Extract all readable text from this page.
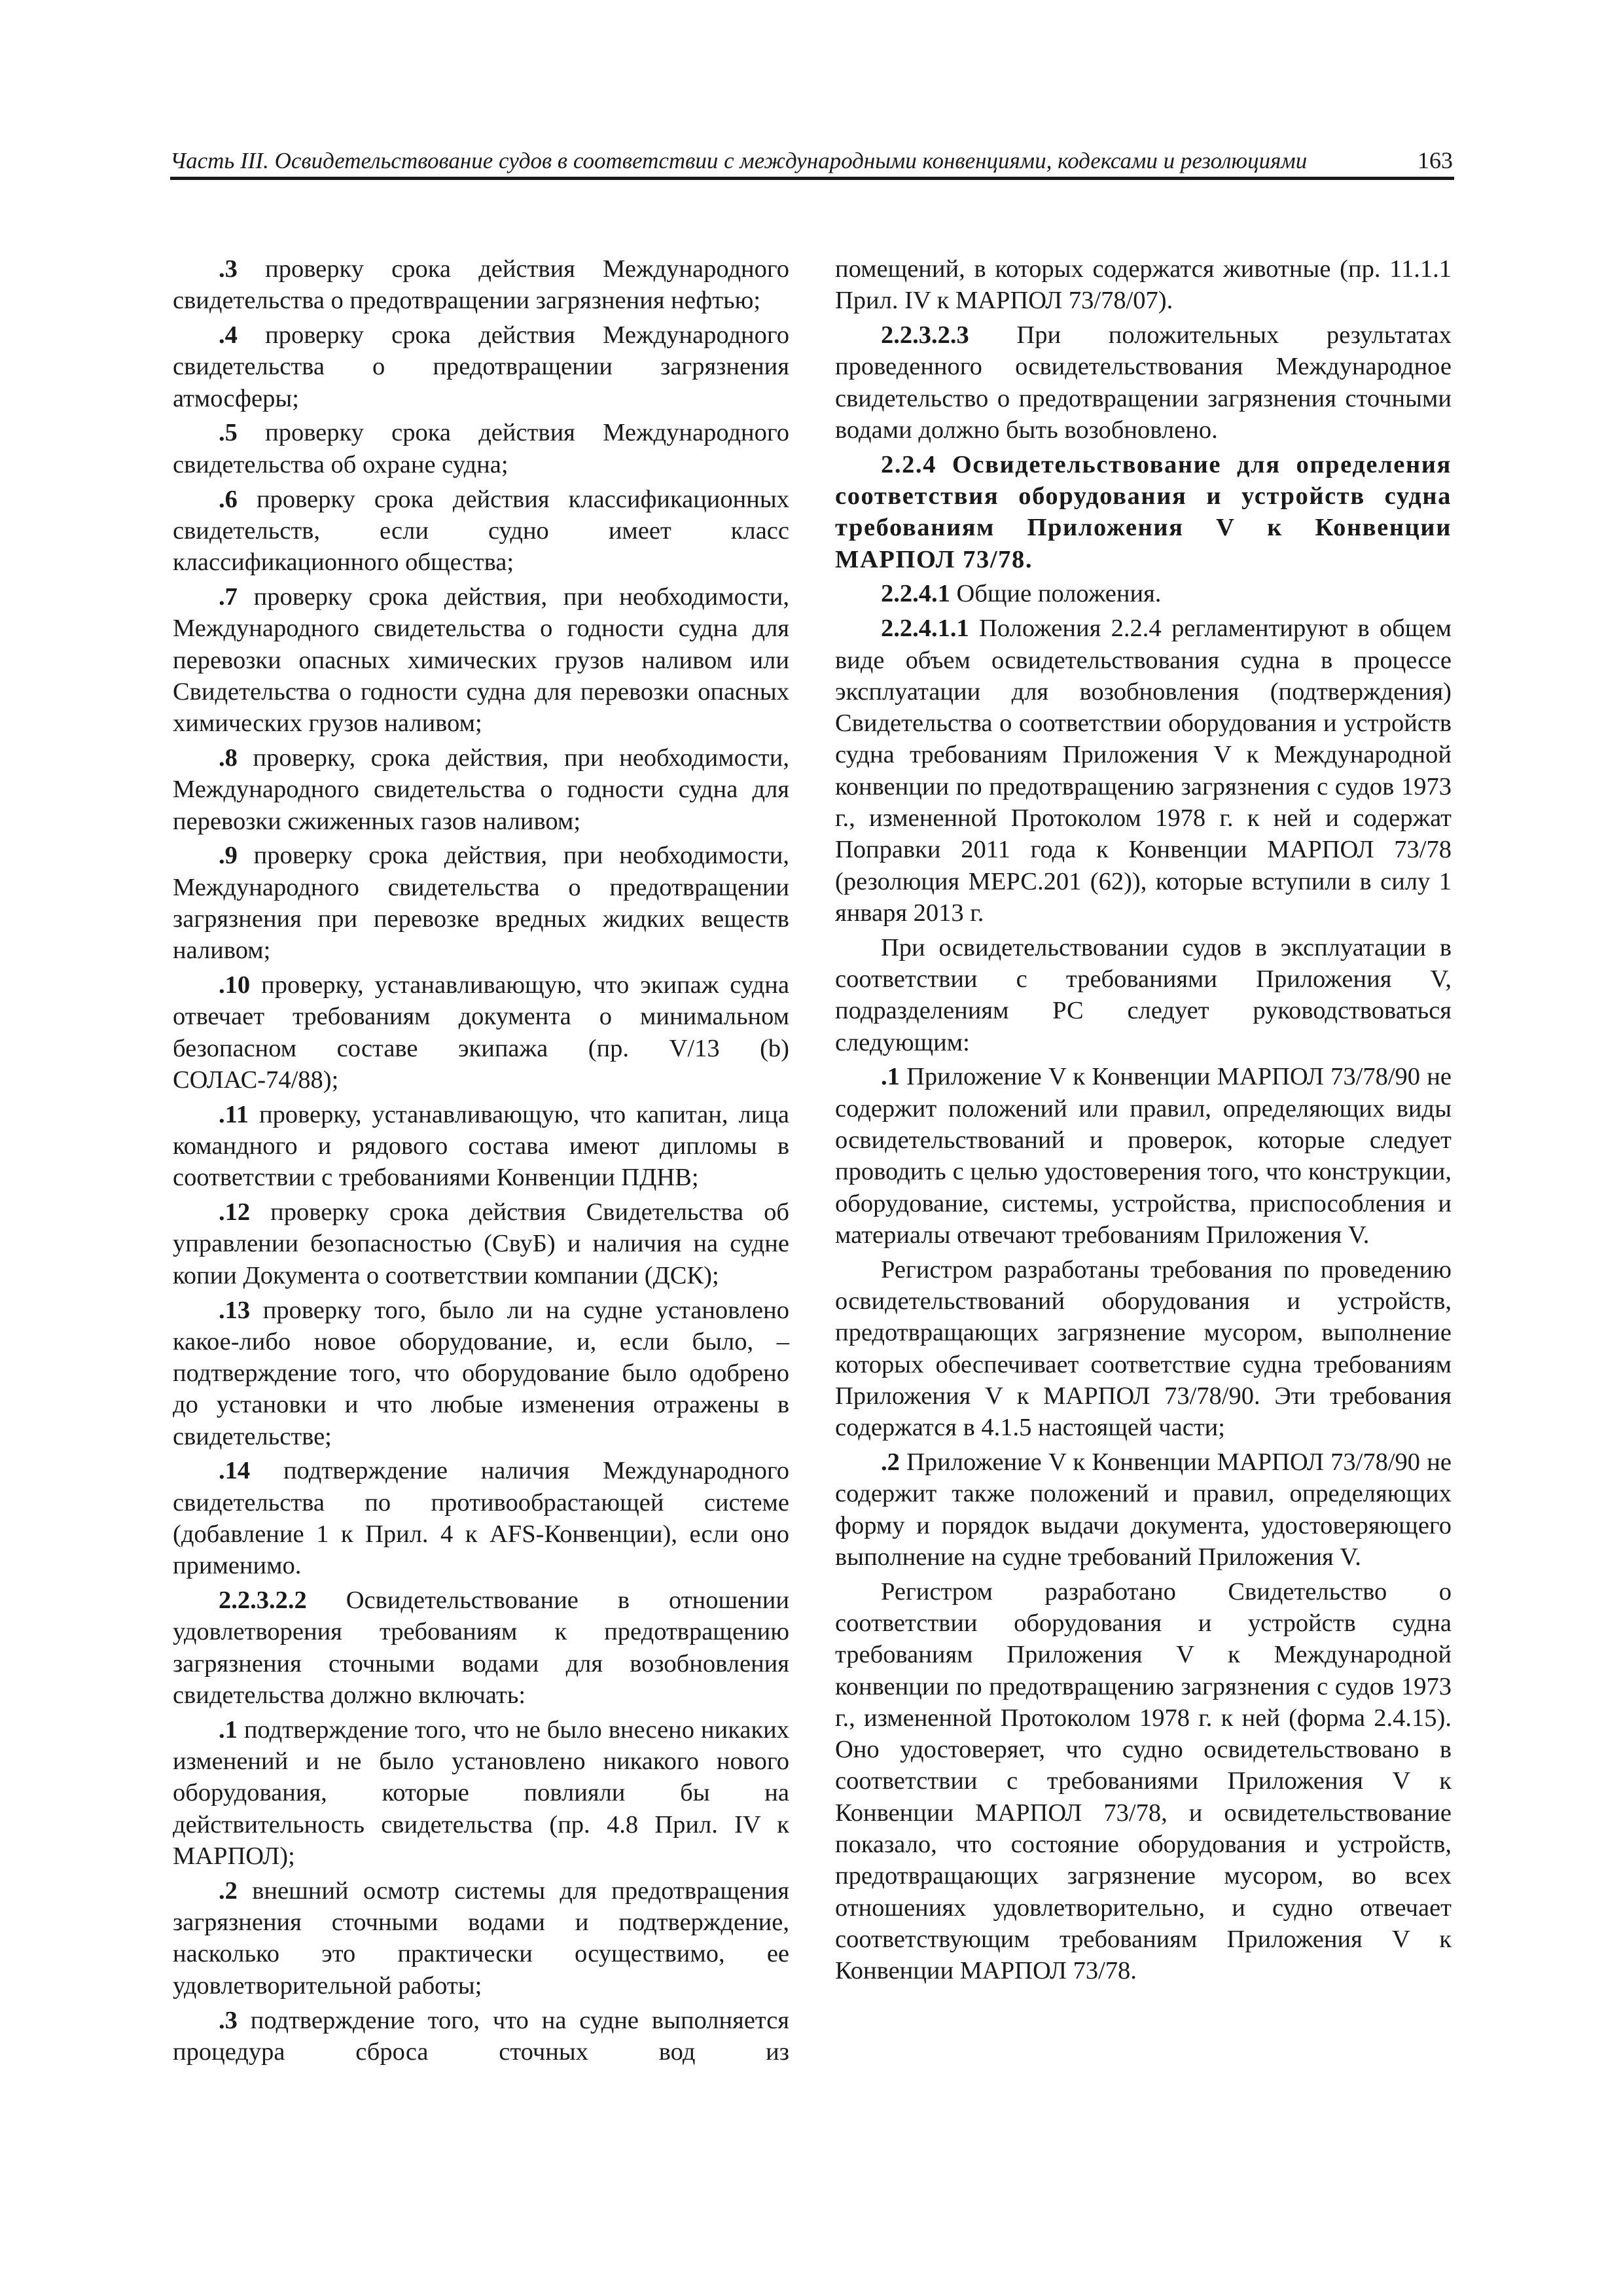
Часть III. Освидетельствование судов в соответствии с международными конвенциями, кодексами и резолюциями	163

.3 проверку срока действия Международного свидетельства о предотвращении загрязнения нефтью;

.4 проверку срока действия Международного свидетельства о предотвращении загрязнения атмосферы;

.5 проверку срока действия Международного свидетельства об охране судна;

.6 проверку срока действия классификационных свидетельств, если судно имеет класс классификационного общества;

.7 проверку срока действия, при необходимости, Международного свидетельства о годности судна для перевозки опасных химических грузов наливом или Свидетельства о годности судна для перевозки опасных химических грузов наливом;

.8 проверку, срока действия, при необходимости, Международного свидетельства о годности судна для перевозки сжиженных газов наливом;

.9 проверку срока действия, при необходимости, Международного свидетельства о предотвращении загрязнения при перевозке вредных жидких веществ наливом;

.10 проверку, устанавливающую, что экипаж судна отвечает требованиям документа о минимальном безопасном составе экипажа (пр. V/13 (b) СОЛАС-74/88);

.11 проверку, устанавливающую, что капитан, лица командного и рядового состава имеют дипломы в соответствии с требованиями Конвенции ПДНВ;

.12 проверку срока действия Свидетельства об управлении безопасностью (СвуБ) и наличия на судне копии Документа о соответствии компании (ДСК);

.13 проверку того, было ли на судне установлено какое-либо новое оборудование, и, если было, – подтверждение того, что оборудование было одобрено до установки и что любые изменения отражены в свидетельстве;

.14 подтверждение наличия Международного свидетельства по противообрастающей системе (добавление 1 к Прил. 4 к AFS-Конвенции), если оно применимо.

2.2.3.2.2 Освидетельствование в отношении удовлетворения требованиям к предотвращению загрязнения сточными водами для возобновления свидетельства должно включать:

.1 подтверждение того, что не было внесено никаких изменений и не было установлено никакого нового оборудования, которые повлияли бы на действительность свидетельства (пр. 4.8 Прил. IV к МАРПОЛ);

.2 внешний осмотр системы для предотвращения загрязнения сточными водами и подтверждение, насколько это практически осуществимо, ее удовлетворительной работы;

.3 подтверждение того, что на судне выполняется процедура сброса сточных вод из

помещений, в которых содержатся животные (пр. 11.1.1 Прил. IV к МАРПОЛ 73/78/07).

2.2.3.2.3 При положительных результатах проведенного освидетельствования Международное свидетельство о предотвращении загрязнения сточными водами должно быть возобновлено.

2.2.4 Освидетельствование для определения соответствия оборудования и устройств судна требованиям Приложения V к Конвенции МАРПОЛ 73/78.

2.2.4.1 Общие положения.

2.2.4.1.1 Положения 2.2.4 регламентируют в общем виде объем освидетельствования судна в процессе эксплуатации для возобновления (подтверждения) Свидетельства о соответствии оборудования и устройств судна требованиям Приложения V к Международной конвенции по предотвращению загрязнения с судов 1973 г., измененной Протоколом 1978 г. к ней и содержат Поправки 2011 года к Конвенции МАРПОЛ 73/78 (резолюция МЕРС.201 (62)), которые вступили в силу 1 января 2013 г.

При освидетельствовании судов в эксплуатации в соответствии с требованиями Приложения V, подразделениям РС следует руководствоваться следующим:

.1 Приложение V к Конвенции МАРПОЛ 73/78/90 не содержит положений или правил, определяющих виды освидетельствований и проверок, которые следует проводить с целью удостоверения того, что конструкции, оборудование, системы, устройства, приспособления и материалы отвечают требованиям Приложения V.

Регистром разработаны требования по проведению освидетельствований оборудования и устройств, предотвращающих загрязнение мусором, выполнение которых обеспечивает соответствие судна требованиям Приложения V к МАРПОЛ 73/78/90. Эти требования содержатся в 4.1.5 настоящей части;

.2 Приложение V к Конвенции МАРПОЛ 73/78/90 не содержит также положений и правил, определяющих форму и порядок выдачи документа, удостоверяющего выполнение на судне требований Приложения V.

Регистром разработано Свидетельство о соответствии оборудования и устройств судна требованиям Приложения V к Международной конвенции по предотвращению загрязнения с судов 1973 г., измененной Протоколом 1978 г. к ней (форма 2.4.15). Оно удостоверяет, что судно освидетельствовано в соответствии с требованиями Приложения V к Конвенции МАРПОЛ 73/78, и освидетельствование показало, что состояние оборудования и устройств, предотвращающих загрязнение мусором, во всех отношениях удовлетворительно, и судно отвечает соответствующим требованиям Приложения V к Конвенции МАРПОЛ 73/78.
